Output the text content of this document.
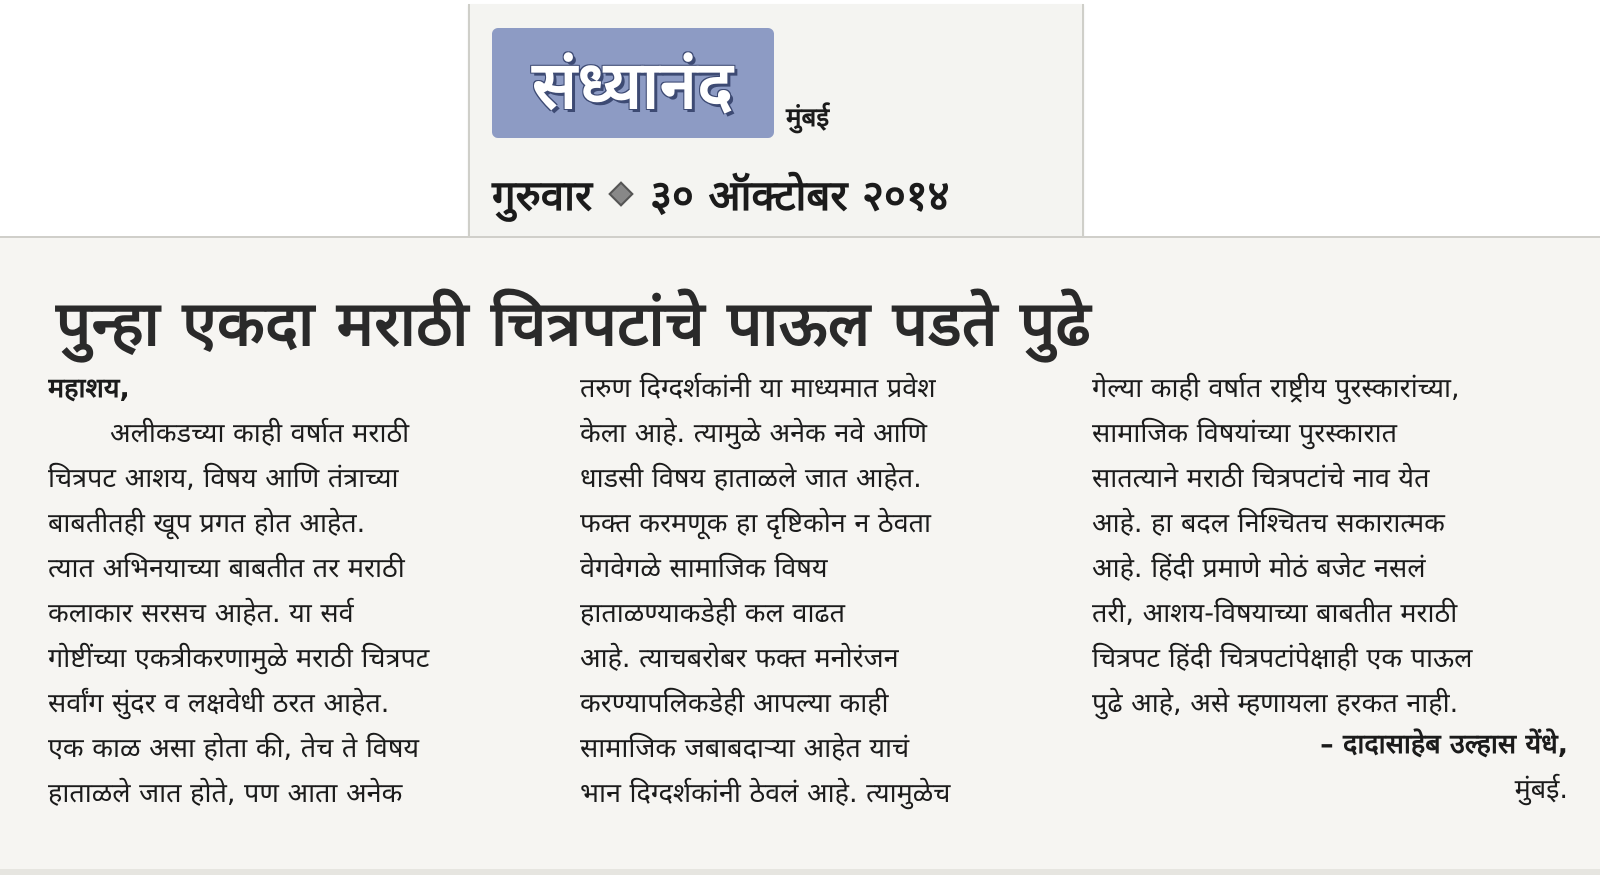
संध्यानंद मुंबई
गुरुवार ३० ऑक्टोबर २०१४
पुन्हा एकदा मराठी चित्रपटांचे पाऊल पडते पुढे
महाशय,
अलीकडच्या काही वर्षात मराठी
चित्रपट आशय, विषय आणि तंत्राच्या
बाबतीतही खूप प्रगत होत आहेत.
त्यात अभिनयाच्या बाबतीत तर मराठी
कलाकार सरसच आहेत. या सर्व
गोष्टींच्या एकत्रीकरणामुळे मराठी चित्रपट
सर्वांग सुंदर व लक्षवेधी ठरत आहेत.
एक काळ असा होता की, तेच ते विषय
हाताळले जात होते, पण आता अनेक
तरुण दिग्दर्शकांनी या माध्यमात प्रवेश
केला आहे. त्यामुळे अनेक नवे आणि
धाडसी विषय हाताळले जात आहेत.
फक्त करमणूक हा दृष्टिकोन न ठेवता
वेगवेगळे सामाजिक विषय
हाताळण्याकडेही कल वाढत
आहे. त्याचबरोबर फक्त मनोरंजन
करण्यापलिकडेही आपल्या काही
सामाजिक जबाबदाऱ्या आहेत याचं
भान दिग्दर्शकांनी ठेवलं आहे. त्यामुळेच
गेल्या काही वर्षात राष्ट्रीय पुरस्कारांच्या,
सामाजिक विषयांच्या पुरस्कारात
सातत्याने मराठी चित्रपटांचे नाव येत
आहे. हा बदल निश्चितच सकारात्मक
आहे. हिंदी प्रमाणे मोठं बजेट नसलं
तरी, आशय-विषयाच्या बाबतीत मराठी
चित्रपट हिंदी चित्रपटांपेक्षाही एक पाऊल
पुढे आहे, असे म्हणायला हरकत नाही.
– दादासाहेब उल्हास येंधे,
मुंबई.
